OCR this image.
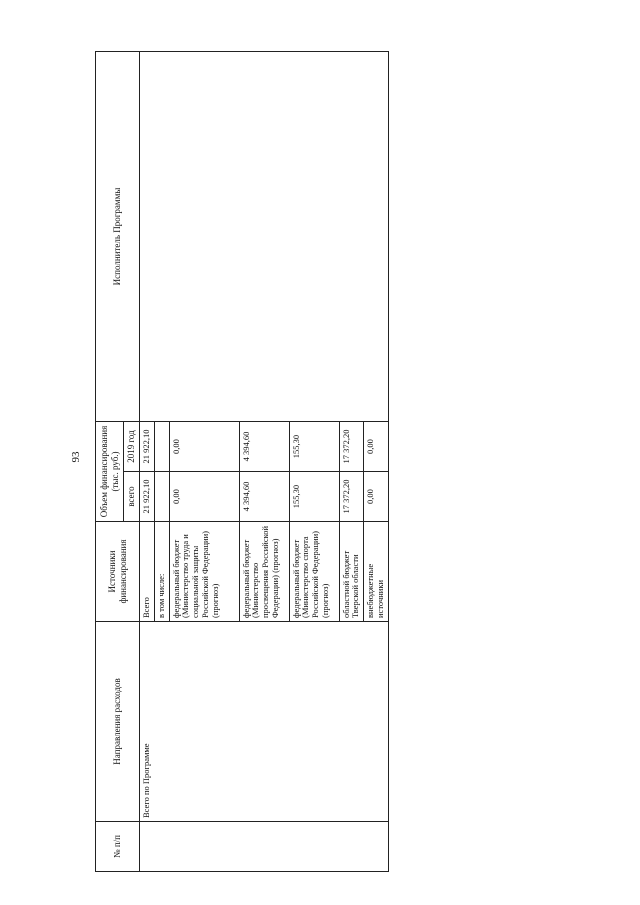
93
№ п/п	Направления расходов	Источники финансирования	Объем финансирования (тыс. руб.)		Исполнитель Программы
			всего	2019 год	
	Всего по Программе	Всего	21 922,10	21 922,10	
		в том числе:			
		федеральный бюджет (Министерство труда и социальной защиты Российской Федерации) (прогноз)	0,00	0,00	
		федеральный бюджет (Министерство просвещения Российской Федерации) (прогноз)	4 394,60	4 394,60	
		федеральный бюджет (Министерство спорта Российской Федерации) (прогноз)	155,30	155,30	
		областной бюджет Тверской области	17 372,20	17 372,20	
		внебюджетные источники	0,00	0,00	
